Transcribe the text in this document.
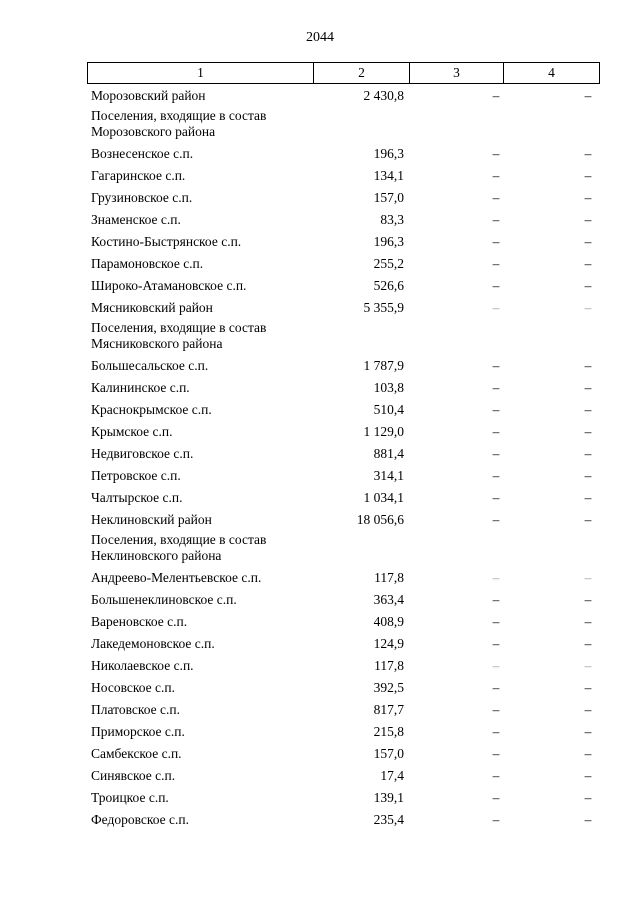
2044
1	2	3	4
Морозовский район	2 430,8	–	–
Поселения, входящие в состав Морозовского района
Вознесенское с.п.	196,3	–	–
Гагаринское с.п.	134,1	–	–
Грузиновское с.п.	157,0	–	–
Знаменское с.п.	83,3	–	–
Костино-Быстрянское с.п.	196,3	–	–
Парамоновское с.п.	255,2	–	–
Широко-Атамановское с.п.	526,6	–	–
Мясниковский район	5 355,9	–	–
Поселения, входящие в состав Мясниковского района
Большесальское с.п.	1 787,9	–	–
Калининское с.п.	103,8	–	–
Краснокрымское с.п.	510,4	–	–
Крымское с.п.	1 129,0	–	–
Недвиговское с.п.	881,4	–	–
Петровское с.п.	314,1	–	–
Чалтырское с.п.	1 034,1	–	–
Неклиновский район	18 056,6	–	–
Поселения, входящие в состав Неклиновского района
Андреево-Мелентьевское с.п.	117,8	–	–
Большенеклиновское с.п.	363,4	–	–
Вареновское с.п.	408,9	–	–
Лакедемоновское с.п.	124,9	–	–
Николаевское с.п.	117,8	–	–
Носовское с.п.	392,5	–	–
Платовское с.п.	817,7	–	–
Приморское с.п.	215,8	–	–
Самбекское с.п.	157,0	–	–
Синявское с.п.	17,4	–	–
Троицкое с.п.	139,1	–	–
Федоровское с.п.	235,4	–	–
